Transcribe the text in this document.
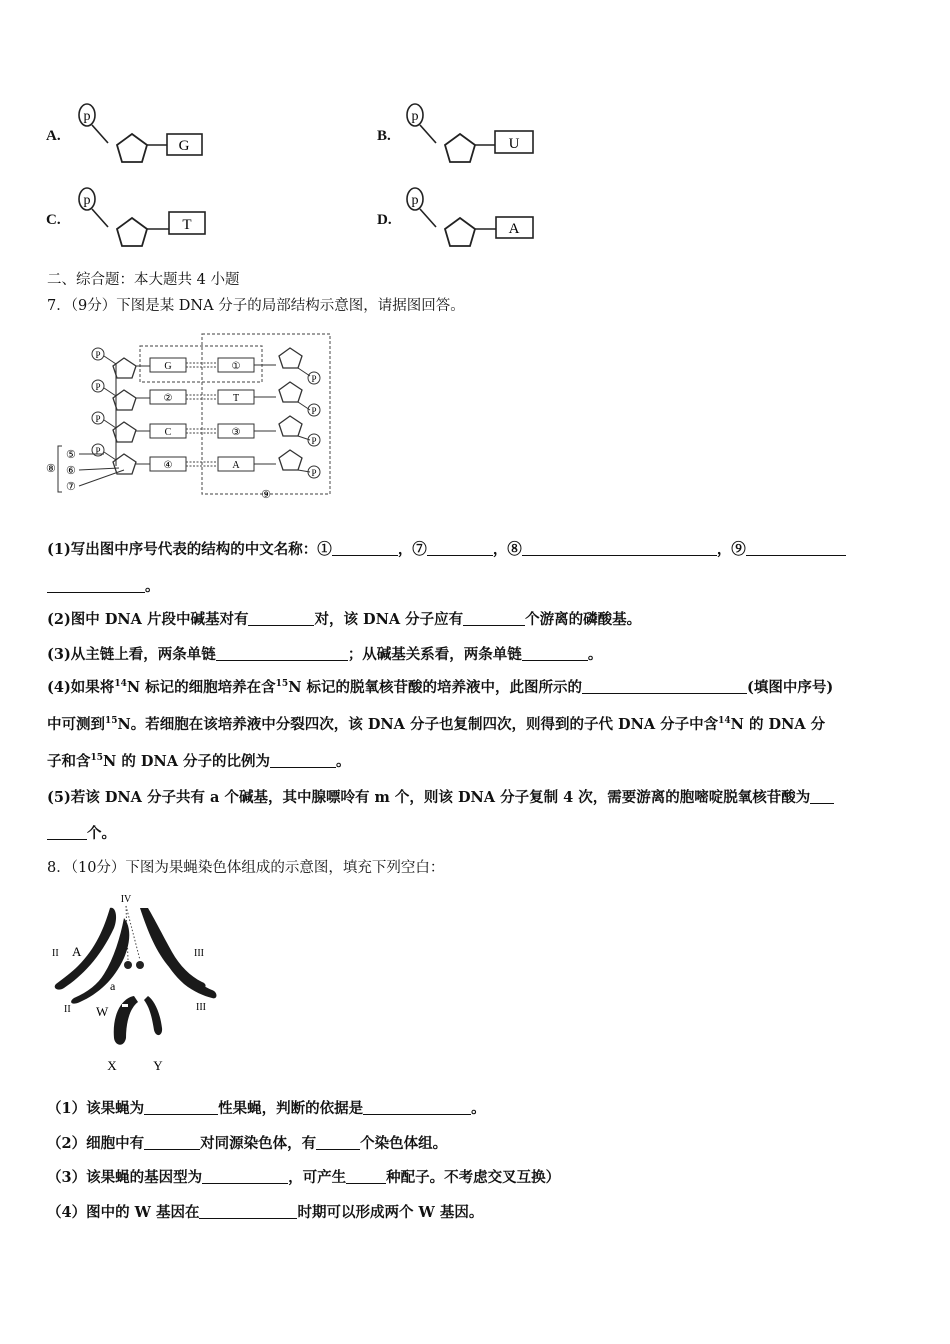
A.
p
G
B.
p
U
C.
p
T	D.
p
A
二、综合题：本大题共 4 小题
7．（9分）下图是某 DNA 分子的局部结构示意图，请据图回答。
P
G	①
P
P
②	T
P
P
C	③
P
P
④	A
P
⑤
⑥
⑦
⑧
⑨
(1)写出图中序号代表的结构的中文名称：①	，⑦	，⑧	，⑨
。
(2)图中 DNA 片段中碱基对有	对，该 DNA 分子应有	个游离的磷酸基。
(3)从主链上看，两条单链	；从碱基关系看，两条单链	。
(4)如果将$^{14}$N 标记的细胞培养在含$^{15}$N 标记的脱氧核苷酸的培养液中，此图所示的	(填图中序号)
中可测到$^{15}$N。若细胞在该培养液中分裂四次，该 DNA 分子也复制四次，则得到的子代 DNA 分子中含$^{14}$N 的 DNA 分
子和含$^{15}$N 的 DNA 分子的比例为	。
(5)若该 DNA 分子共有 a 个碱基，其中腺嘌呤有 m 个，则该 DNA 分子复制 4 次，需要游离的胞嘧啶脱氧核苷酸为
个。
8．（10分）下图为果蝇染色体组成的示意图，填充下列空白：
IV
II	III
II	III
A
a
W
X	Y
（1）该果蝇为	性果蝇，判断的依据是	。
（2）细胞中有	对同源染色体，有	个染色体组。
（3）该果蝇的基因型为	，可产生	种配子。不考虑交叉互换）
（4）图中的 W 基因在	时期可以形成两个 W 基因。
